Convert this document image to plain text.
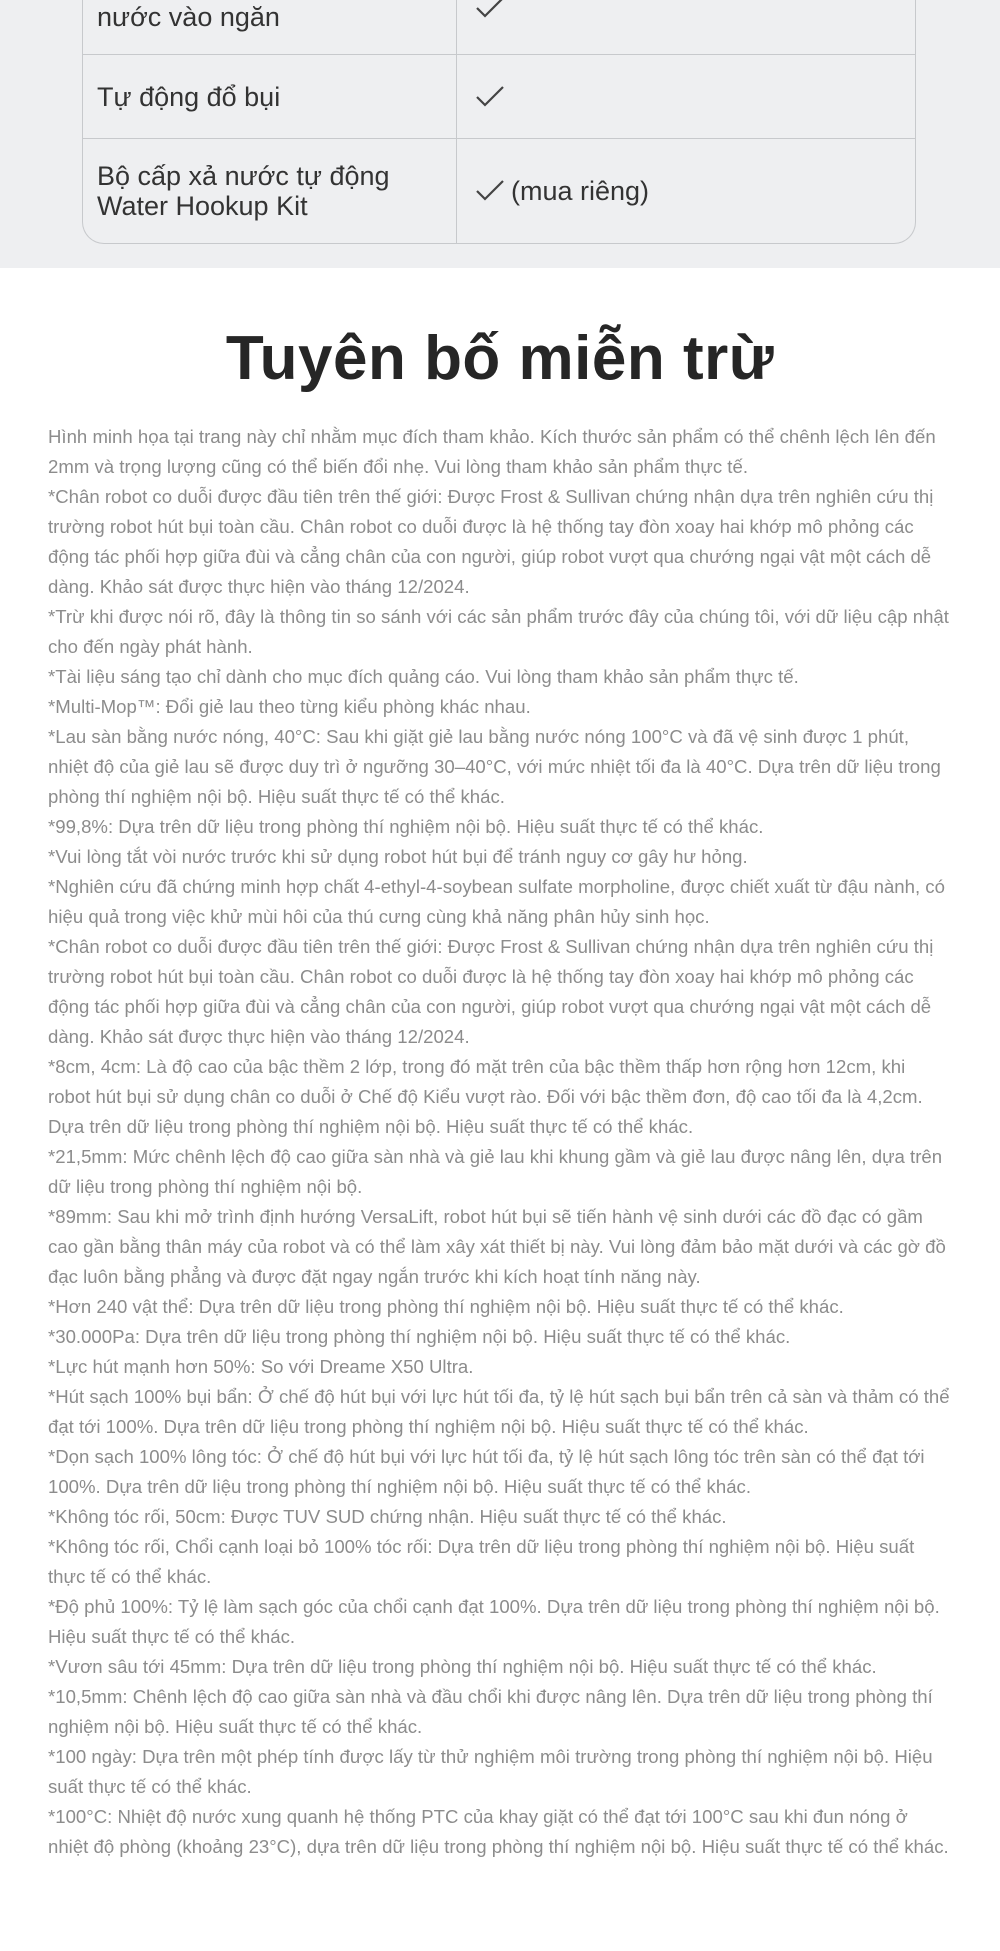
nước vào ngăn
Tự động đổ bụi
Bộ cấp xả nước tự động Water Hookup Kit
(mua riêng)
Tuyên bố miễn trừ

Hình minh họa tại trang này chỉ nhằm mục đích tham khảo. Kích thước sản phẩm có thể chênh lệch lên đến 2mm và trọng lượng cũng có thể biến đổi nhẹ. Vui lòng tham khảo sản phẩm thực tế.

*Chân robot co duỗi được đầu tiên trên thế giới: Được Frost & Sullivan chứng nhận dựa trên nghiên cứu thị trường robot hút bụi toàn cầu. Chân robot co duỗi được là hệ thống tay đòn xoay hai khớp mô phỏng các động tác phối hợp giữa đùi và cẳng chân của con người, giúp robot vượt qua chướng ngại vật một cách dễ dàng. Khảo sát được thực hiện vào tháng 12/2024.

*Trừ khi được nói rõ, đây là thông tin so sánh với các sản phẩm trước đây của chúng tôi, với dữ liệu cập nhật cho đến ngày phát hành.

*Tài liệu sáng tạo chỉ dành cho mục đích quảng cáo. Vui lòng tham khảo sản phẩm thực tế.

*Multi-Mop™: Đổi giẻ lau theo từng kiểu phòng khác nhau.

*Lau sàn bằng nước nóng, 40°C: Sau khi giặt giẻ lau bằng nước nóng 100°C và đã vệ sinh được 1 phút, nhiệt độ của giẻ lau sẽ được duy trì ở ngưỡng 30–40°C, với mức nhiệt tối đa là 40°C. Dựa trên dữ liệu trong phòng thí nghiệm nội bộ. Hiệu suất thực tế có thể khác.

*99,8%: Dựa trên dữ liệu trong phòng thí nghiệm nội bộ. Hiệu suất thực tế có thể khác.

*Vui lòng tắt vòi nước trước khi sử dụng robot hút bụi để tránh nguy cơ gây hư hỏng.

*Nghiên cứu đã chứng minh hợp chất 4-ethyl-4-soybean sulfate morpholine, được chiết xuất từ đậu nành, có hiệu quả trong việc khử mùi hôi của thú cưng cùng khả năng phân hủy sinh học.

*Chân robot co duỗi được đầu tiên trên thế giới: Được Frost & Sullivan chứng nhận dựa trên nghiên cứu thị trường robot hút bụi toàn cầu. Chân robot co duỗi được là hệ thống tay đòn xoay hai khớp mô phỏng các động tác phối hợp giữa đùi và cẳng chân của con người, giúp robot vượt qua chướng ngại vật một cách dễ dàng. Khảo sát được thực hiện vào tháng 12/2024.

*8cm, 4cm: Là độ cao của bậc thềm 2 lớp, trong đó mặt trên của bậc thềm thấp hơn rộng hơn 12cm, khi robot hút bụi sử dụng chân co duỗi ở Chế độ Kiểu vượt rào. Đối với bậc thềm đơn, độ cao tối đa là 4,2cm. Dựa trên dữ liệu trong phòng thí nghiệm nội bộ. Hiệu suất thực tế có thể khác.

*21,5mm: Mức chênh lệch độ cao giữa sàn nhà và giẻ lau khi khung gầm và giẻ lau được nâng lên, dựa trên dữ liệu trong phòng thí nghiệm nội bộ.

*89mm: Sau khi mở trình định hướng VersaLift, robot hút bụi sẽ tiến hành vệ sinh dưới các đồ đạc có gầm cao gần bằng thân máy của robot và có thể làm xây xát thiết bị này. Vui lòng đảm bảo mặt dưới và các gờ đồ đạc luôn bằng phẳng và được đặt ngay ngắn trước khi kích hoạt tính năng này.

*Hơn 240 vật thể: Dựa trên dữ liệu trong phòng thí nghiệm nội bộ. Hiệu suất thực tế có thể khác.

*30.000Pa: Dựa trên dữ liệu trong phòng thí nghiệm nội bộ. Hiệu suất thực tế có thể khác.

*Lực hút mạnh hơn 50%: So với Dreame X50 Ultra.

*Hút sạch 100% bụi bẩn: Ở chế độ hút bụi với lực hút tối đa, tỷ lệ hút sạch bụi bẩn trên cả sàn và thảm có thể đạt tới 100%. Dựa trên dữ liệu trong phòng thí nghiệm nội bộ. Hiệu suất thực tế có thể khác.

*Dọn sạch 100% lông tóc: Ở chế độ hút bụi với lực hút tối đa, tỷ lệ hút sạch lông tóc trên sàn có thể đạt tới 100%. Dựa trên dữ liệu trong phòng thí nghiệm nội bộ. Hiệu suất thực tế có thể khác.

*Không tóc rối, 50cm: Được TUV SUD chứng nhận. Hiệu suất thực tế có thể khác.

*Không tóc rối, Chổi cạnh loại bỏ 100% tóc rối: Dựa trên dữ liệu trong phòng thí nghiệm nội bộ. Hiệu suất thực tế có thể khác.

*Độ phủ 100%: Tỷ lệ làm sạch góc của chổi cạnh đạt 100%. Dựa trên dữ liệu trong phòng thí nghiệm nội bộ. Hiệu suất thực tế có thể khác.

*Vươn sâu tới 45mm: Dựa trên dữ liệu trong phòng thí nghiệm nội bộ. Hiệu suất thực tế có thể khác.

*10,5mm: Chênh lệch độ cao giữa sàn nhà và đầu chổi khi được nâng lên. Dựa trên dữ liệu trong phòng thí nghiệm nội bộ. Hiệu suất thực tế có thể khác.

*100 ngày: Dựa trên một phép tính được lấy từ thử nghiệm môi trường trong phòng thí nghiệm nội bộ. Hiệu suất thực tế có thể khác.

*100°C: Nhiệt độ nước xung quanh hệ thống PTC của khay giặt có thể đạt tới 100°C sau khi đun nóng ở nhiệt độ phòng (khoảng 23°C), dựa trên dữ liệu trong phòng thí nghiệm nội bộ. Hiệu suất thực tế có thể khác.
